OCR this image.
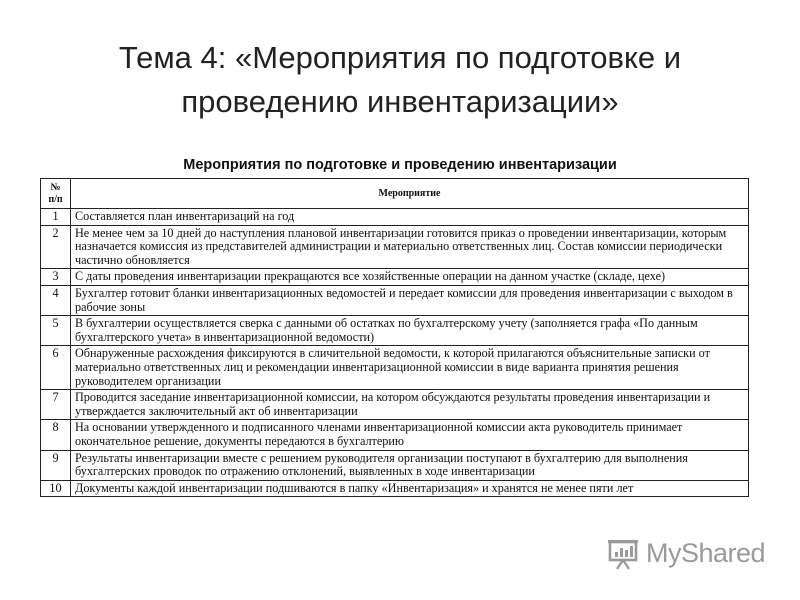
Тема 4: «Мероприятия по подготовке и
проведению инвентаризации»
Мероприятия по подготовке и проведению инвентаризации
№ п/п	Мероприятие
1	Составляется план инвентаризаций на год
2	Не менее чем за 10 дней до наступления плановой инвентаризации готовится приказ о проведении инвентаризации, которым назначается комиссия из представителей администрации и материально ответственных лиц. Состав комиссии периодически частично обновляется
3	С даты проведения инвентаризации прекращаются все хозяйственные операции на данном участке (складе, цехе)
4	Бухгалтер готовит бланки инвентаризационных ведомостей и передает комиссии для проведения инвентаризации с выходом в рабочие зоны
5	В бухгалтерии осуществляется сверка с данными об остатках по бухгалтерскому учету (заполняется графа «По данным бухгалтерского учета» в инвентаризационной ведомости)
6	Обнаруженные расхождения фиксируются в сличительной ведомости, к которой прилагаются объяснительные записки от материально ответственных лиц и рекомендации инвентаризационной комиссии в виде варианта принятия решения руководителем организации
7	Проводится заседание инвентаризационной комиссии, на котором обсуждаются результаты проведения инвентаризации и утверждается заключительный акт об инвентаризации
8	На основании утвержденного и подписанного членами инвентаризационной комиссии акта руководитель принимает окончательное решение, документы передаются в бухгалтерию
9	Результаты инвентаризации вместе с решением руководителя организации поступают в бухгалтерию для выполнения бухгалтерских проводок по отражению отклонений, выявленных в ходе инвентаризации
10	Документы каждой инвентаризации подшиваются в папку «Инвентаризация» и хранятся не менее пяти лет
MyShared
